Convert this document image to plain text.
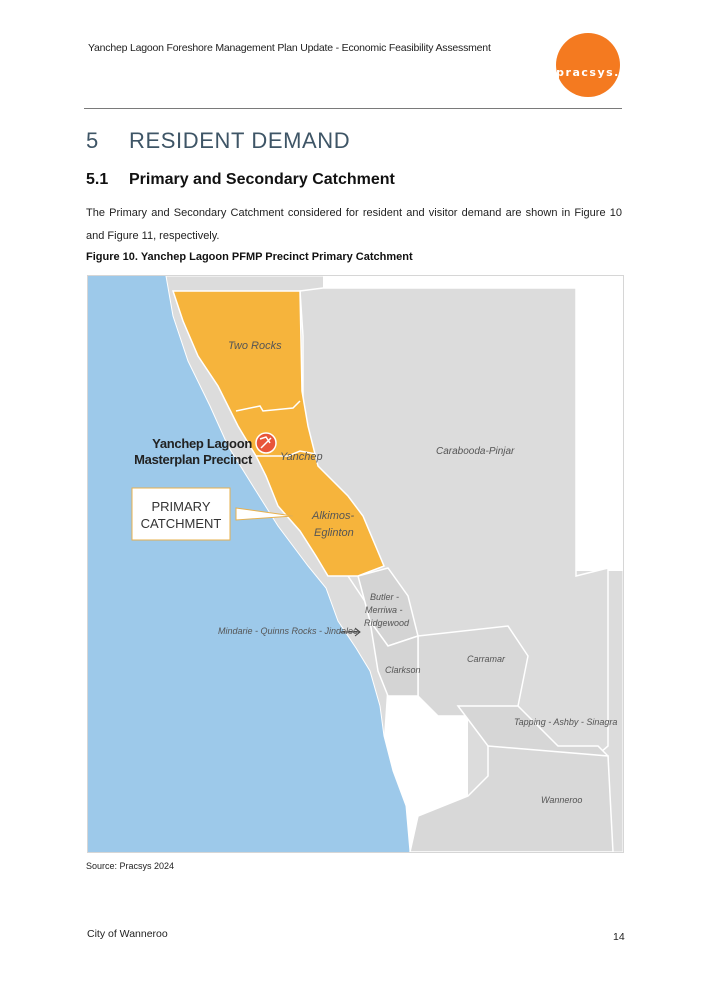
Yanchep Lagoon Foreshore Management Plan Update - Economic Feasibility Assessment
pracsys.
5 RESIDENT DEMAND
5.1 Primary and Secondary Catchment
The Primary and Secondary Catchment considered for resident and visitor demand are shown in Figure 10 and Figure 11, respectively.
Figure 10. Yanchep Lagoon PFMP Precinct Primary Catchment
PRIMARY
CATCHMENT
Yanchep Lagoon
Masterplan Precinct
Two Rocks
Yanchep
Alkimos-
Eglinton
Carabooda-Pinjar
Butler -
Merriwa -
Ridgewood
Mindarie - Quinns Rocks - Jindalee
Clarkson
Carramar
Tapping - Ashby - Sinagra
Wanneroo
Source: Pracsys 2024
City of Wanneroo	14
